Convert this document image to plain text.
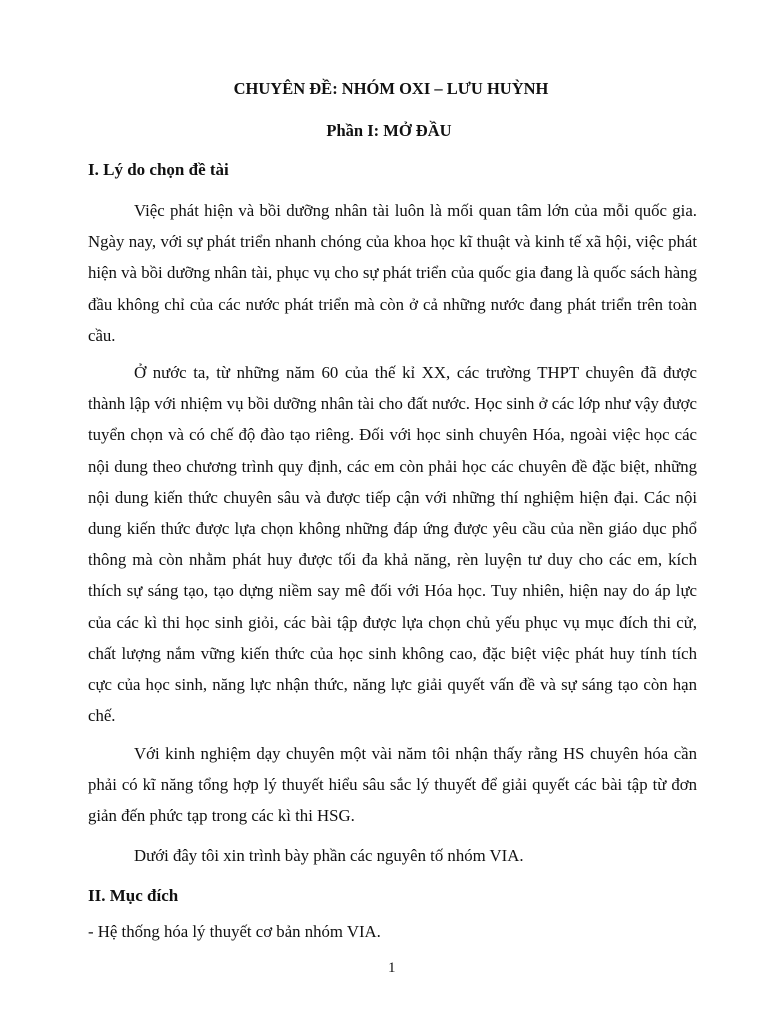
CHUYÊN ĐỀ: NHÓM OXI – LƯU HUỲNH
Phần I: MỞ ĐẦU
I. Lý do chọn đề tài

Việc phát hiện và bồi dưỡng nhân tài luôn là mối quan tâm lớn của mỗi quốc gia. Ngày nay, với sự phát triển nhanh chóng của khoa học kĩ thuật và kinh tế xã hội, việc phát hiện và bồi dưỡng nhân tài, phục vụ cho sự phát triển của quốc gia đang là quốc sách hàng đầu không chỉ của các nước phát triển mà còn ở cả những nước đang phát triển trên toàn cầu.

Ở nước ta, từ những năm 60 của thế kỉ XX, các trường THPT chuyên đã được thành lập với nhiệm vụ bồi dưỡng nhân tài cho đất nước. Học sinh ở các lớp như vậy được tuyển chọn và có chế độ đào tạo riêng. Đối với học sinh chuyên Hóa, ngoài việc học các nội dung theo chương trình quy định, các em còn phải học các chuyên đề đặc biệt, những nội dung kiến thức chuyên sâu và được tiếp cận với những thí nghiệm hiện đại. Các nội dung kiến thức được lựa chọn không những đáp ứng được yêu cầu của nền giáo dục phổ thông mà còn nhằm phát huy được tối đa khả năng, rèn luyện tư duy cho các em, kích thích sự sáng tạo, tạo dựng niềm say mê đối với Hóa học. Tuy nhiên, hiện nay do áp lực của các kì thi học sinh giỏi, các bài tập được lựa chọn chủ yếu phục vụ mục đích thi cử, chất lượng nắm vững kiến thức của học sinh không cao, đặc biệt việc phát huy tính tích cực của học sinh, năng lực nhận thức, năng lực giải quyết vấn đề và sự sáng tạo còn hạn chế.

Với kinh nghiệm dạy chuyên một vài năm tôi nhận thấy rằng HS chuyên hóa cần phải có kĩ năng tổng hợp lý thuyết hiểu sâu sắc lý thuyết để giải quyết các bài tập từ đơn giản đến phức tạp trong các kì thi HSG.

Dưới đây tôi xin trình bày phần các nguyên tố nhóm VIA.

II. Mục đích

- Hệ thống hóa lý thuyết cơ bản nhóm VIA.

1
